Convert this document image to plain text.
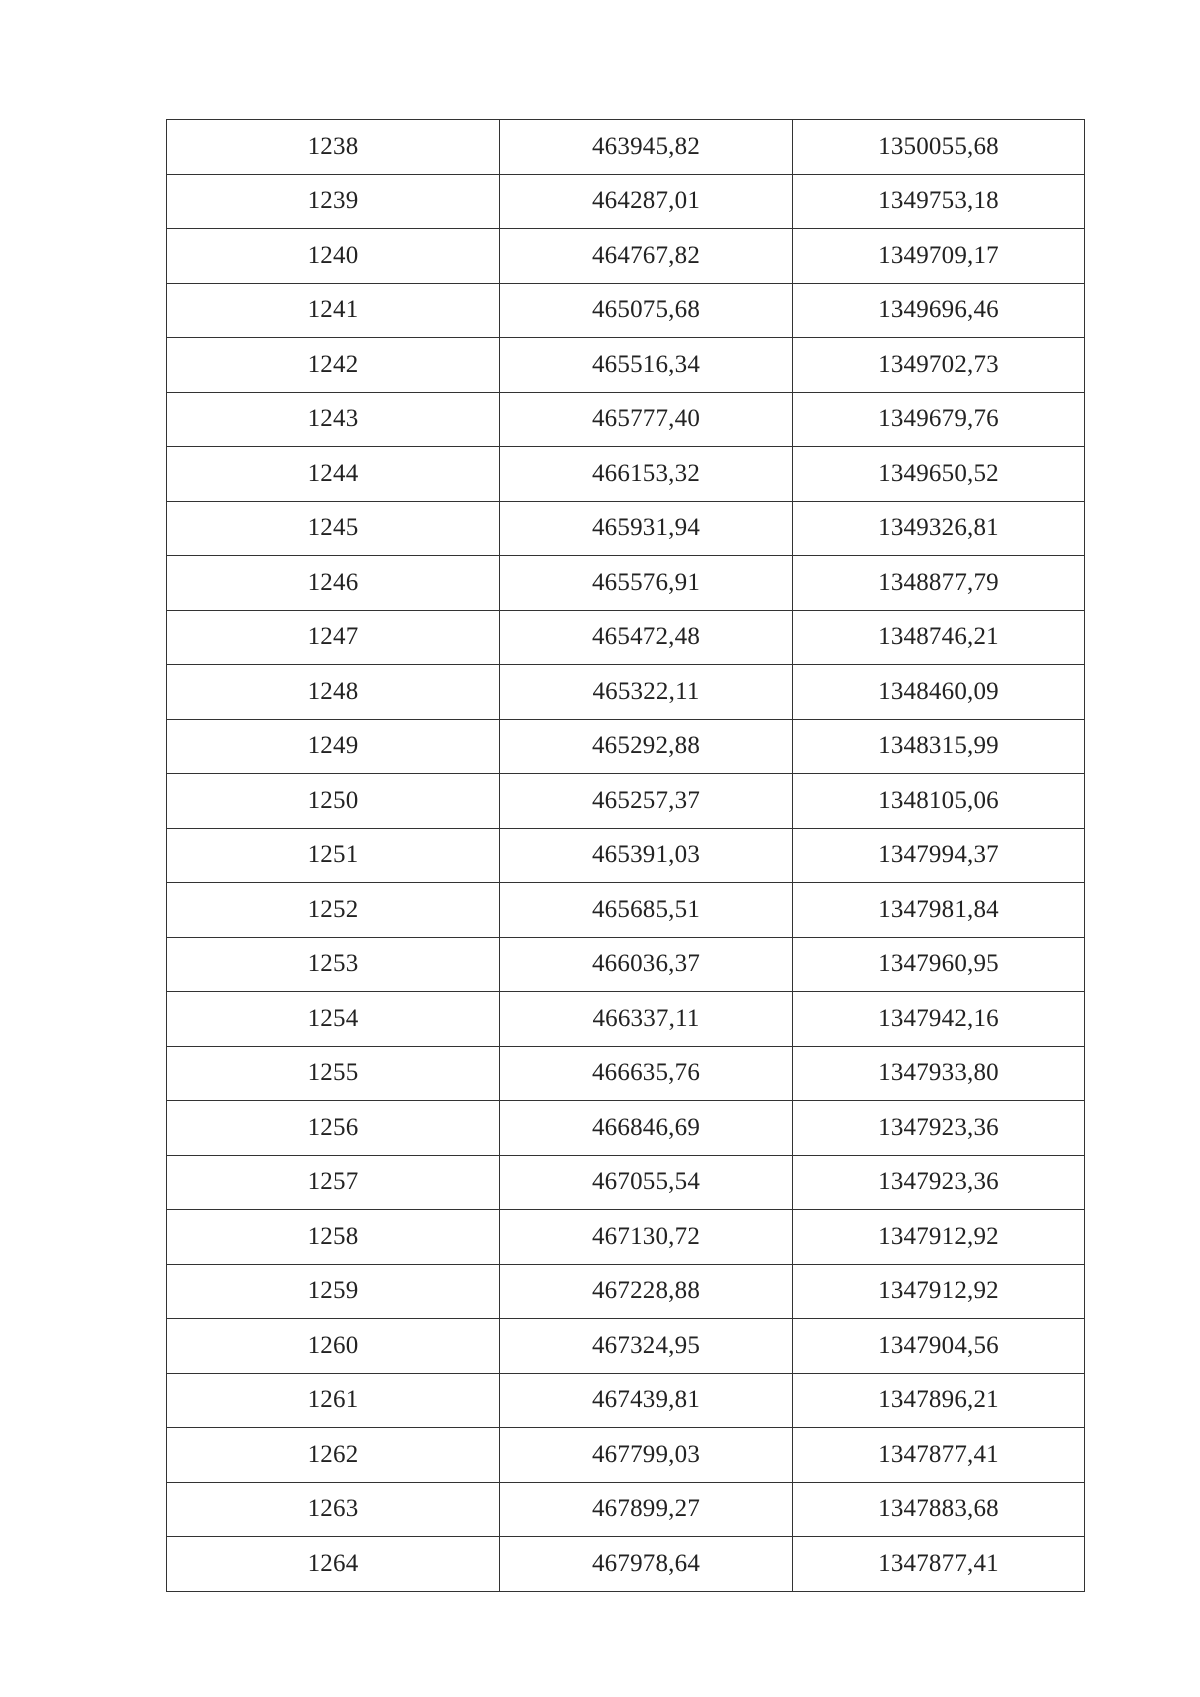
1238	463945,82	1350055,68
1239	464287,01	1349753,18
1240	464767,82	1349709,17
1241	465075,68	1349696,46
1242	465516,34	1349702,73
1243	465777,40	1349679,76
1244	466153,32	1349650,52
1245	465931,94	1349326,81
1246	465576,91	1348877,79
1247	465472,48	1348746,21
1248	465322,11	1348460,09
1249	465292,88	1348315,99
1250	465257,37	1348105,06
1251	465391,03	1347994,37
1252	465685,51	1347981,84
1253	466036,37	1347960,95
1254	466337,11	1347942,16
1255	466635,76	1347933,80
1256	466846,69	1347923,36
1257	467055,54	1347923,36
1258	467130,72	1347912,92
1259	467228,88	1347912,92
1260	467324,95	1347904,56
1261	467439,81	1347896,21
1262	467799,03	1347877,41
1263	467899,27	1347883,68
1264	467978,64	1347877,41
